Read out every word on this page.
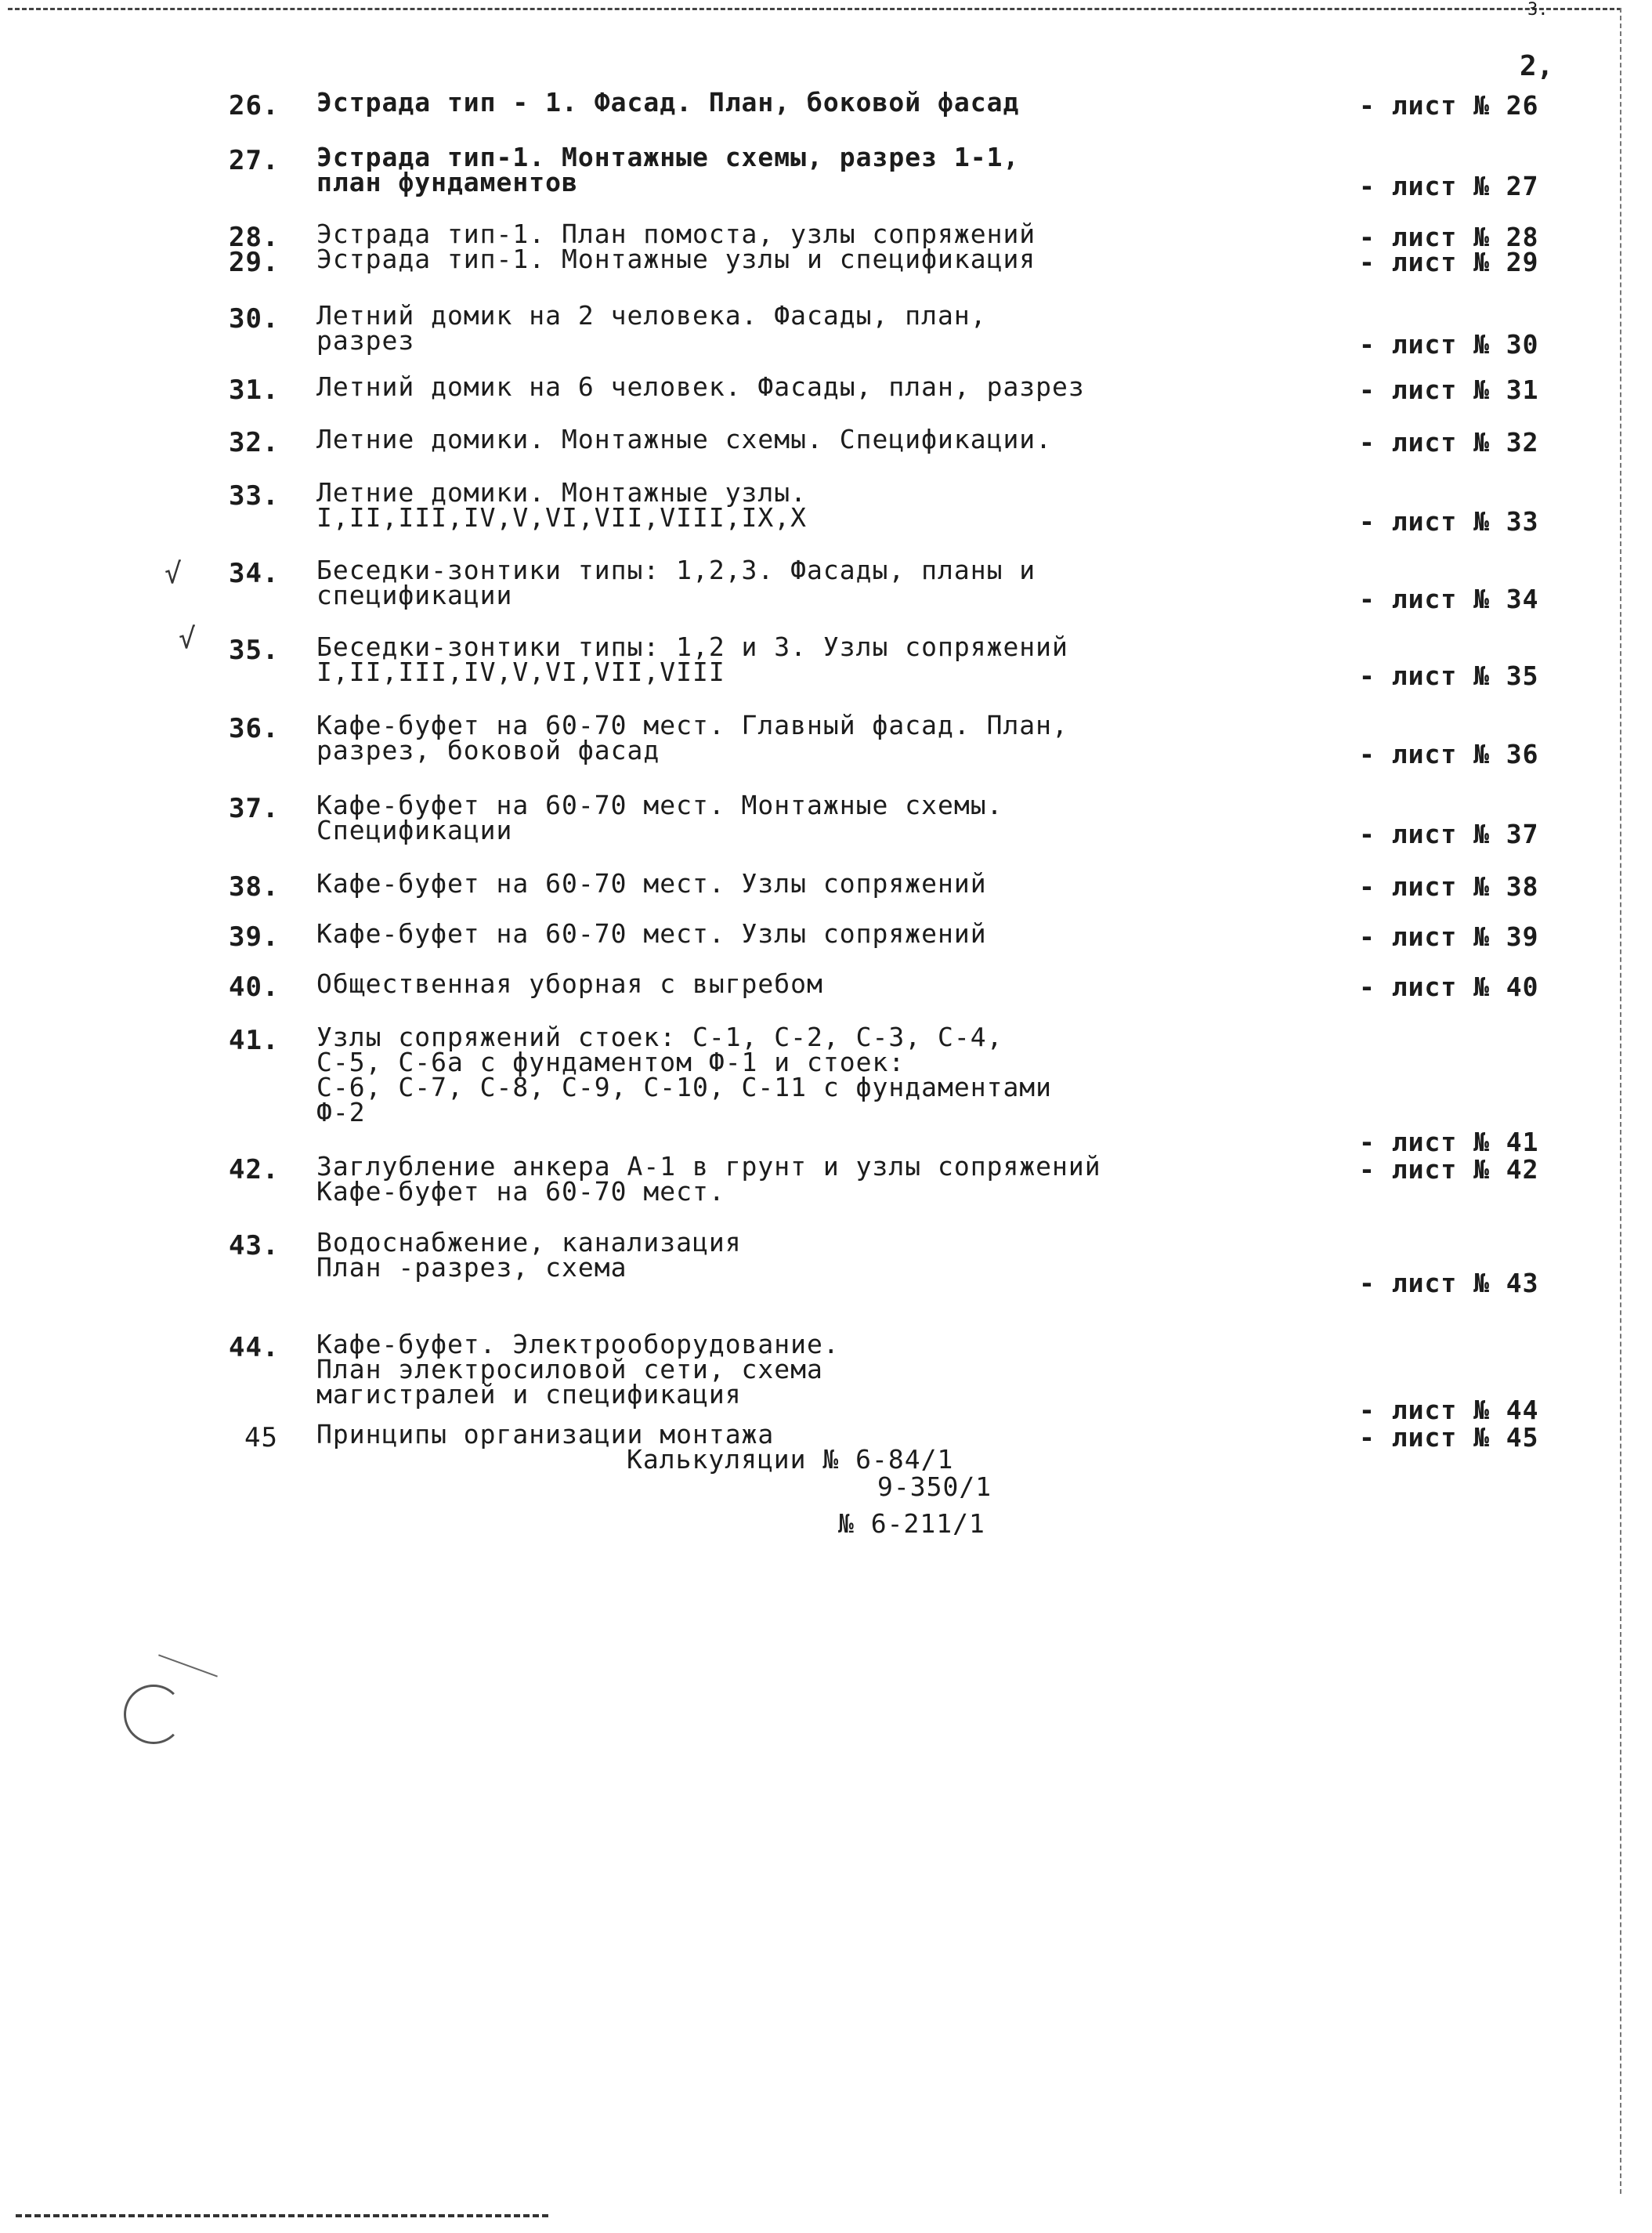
3.
2,
26. Эстрада тип - 1. Фасад. План, боковой фасад	- лист № 26
27. Эстрада тип-1. Монтажные схемы, разрез 1-1,
план фундаментов	- лист № 27
28. Эстрада тип-1. План помоста, узлы сопряжений	- лист № 28
29. Эстрада тип-1. Монтажные узлы и спецификация	- лист № 29
30. Летний домик на 2 человека. Фасады, план,
разрез	- лист № 30
31. Летний домик на 6 человек. Фасады, план, разрез	- лист № 31
32. Летние домики. Монтажные схемы. Спецификации.	- лист № 32
33. Летние домики. Монтажные узлы.
I,II,III,IV,V,VI,VII,VIII,IX,X	- лист № 33
34. Беседки-зонтики типы: 1,2,3. Фасады, планы и
спецификации	- лист № 34
35. Беседки-зонтики типы: 1,2 и 3. Узлы сопряжений
I,II,III,IV,V,VI,VII,VIII	- лист № 35
36. Кафе-буфет на 60-70 мест. Главный фасад. План,
разрез, боковой фасад	- лист № 36
37. Кафе-буфет на 60-70 мест. Монтажные схемы.
Спецификации	- лист № 37
38. Кафе-буфет на 60-70 мест. Узлы сопряжений	- лист № 38
39. Кафе-буфет на 60-70 мест. Узлы сопряжений	- лист № 39
40. Общественная уборная с выгребом	- лист № 40
41. Узлы сопряжений стоек: С-1, С-2, С-3, С-4,
С-5, С-6а с фундаментом Ф-1 и стоек:
С-6, С-7, С-8, С-9, С-10, С-11 с фундаментами
Ф-2
- лист № 41
42. Заглубление анкера А-1 в грунт и узлы сопряжений
Кафе-буфет на 60-70 мест.
- лист № 42
43. Водоснабжение, канализация
План -разрез, схема
- лист № 43
44. Кафе-буфет. Электрооборудование.
План электросиловой сети, схема
магистралей и спецификация
- лист № 44
45 Принципы организации монтажа	- лист № 45
Калькуляции № 6-84/1
9-350/1
№ 6-211/1
√
√
